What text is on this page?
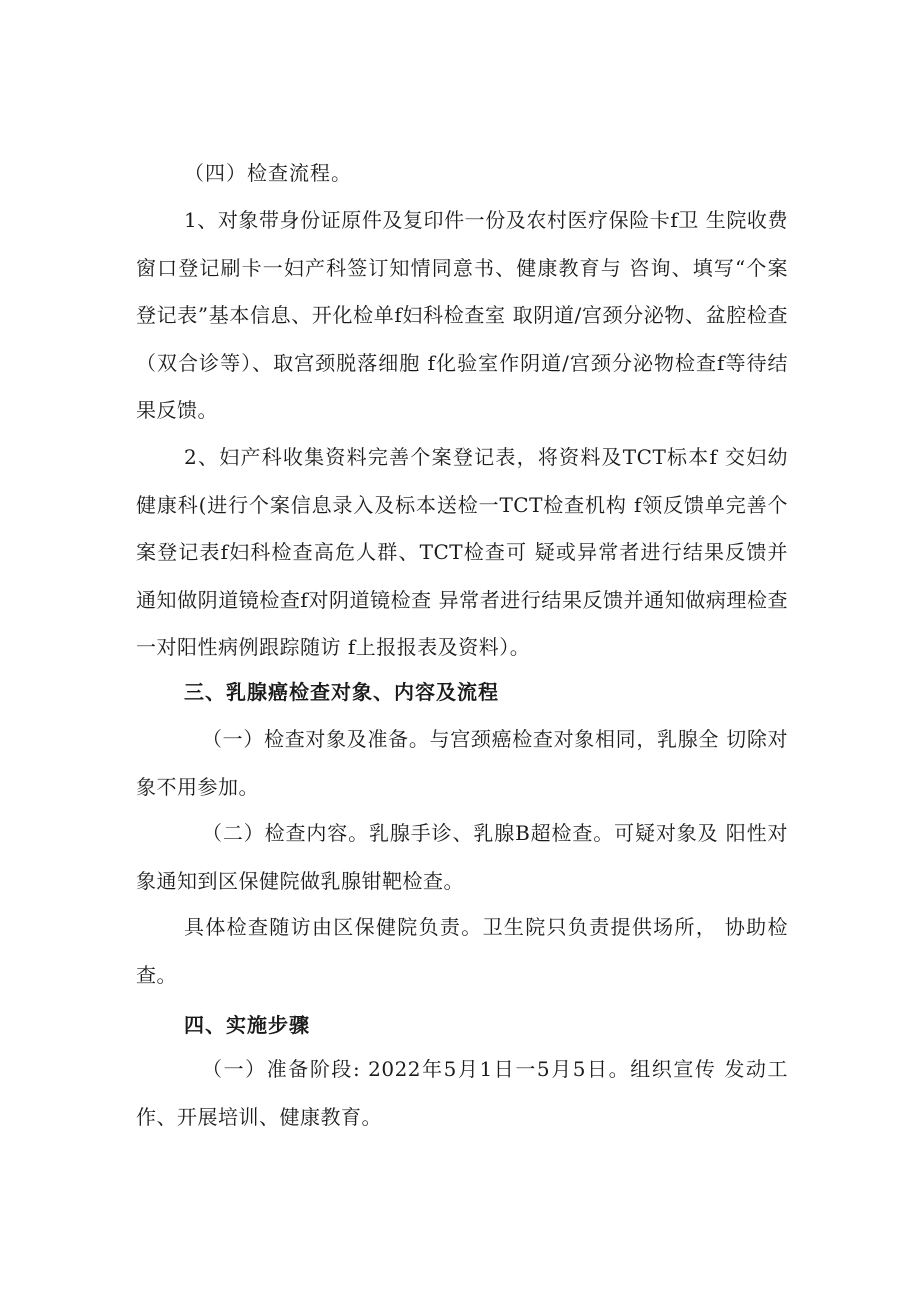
（四）检查流程。

1、对象带身份证原件及复印件一份及农村医疗保险卡f卫 生院收费窗口登记刷卡一妇产科签订知情同意书、健康教育与 咨询、填写“个案登记表”基本信息、开化检单f妇科检查室 取阴道/宫颈分泌物、盆腔检查（双合诊等）、取宫颈脱落细胞 f化验室作阴道/宫颈分泌物检查f等待结果反馈。

2、妇产科收集资料完善个案登记表，将资料及TCT标本f 交妇幼健康科(进行个案信息录入及标本送检一TCT检查机构 f领反馈单完善个案登记表f妇科检查高危人群、TCT检查可 疑或异常者进行结果反馈并通知做阴道镜检查f对阴道镜检查 异常者进行结果反馈并通知做病理检查一对阳性病例跟踪随访 f上报报表及资料）。

三、乳腺癌检查对象、内容及流程

（一）检查对象及准备。与宫颈癌检查对象相同，乳腺全 切除对象不用参加。

（二）检查内容。乳腺手诊、乳腺B超检查。可疑对象及 阳性对象通知到区保健院做乳腺钳靶检查。

具体检查随访由区保健院负责。卫生院只负责提供场所， 协助检查。

四、实施步骤

（一）准备阶段: 2022年5月1日一5月5日。组织宣传 发动工作、开展培训、健康教育。
